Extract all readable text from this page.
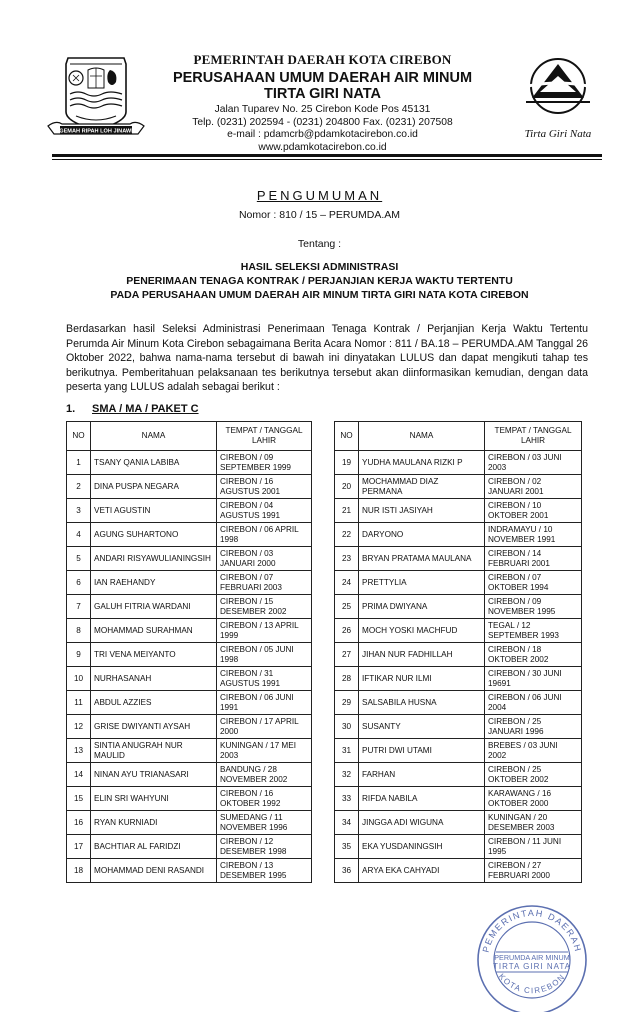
GEMAH RIPAH LOH JINAWI
PEMERINTAH DAERAH KOTA CIREBON
PERUSAHAAN UMUM DAERAH AIR MINUM
TIRTA GIRI NATA
Jalan Tuparev No. 25 Cirebon Kode Pos 45131
Telp. (0231) 202594 - (0231) 204800 Fax. (0231) 207508
e-mail : pdamcrb@pdamkotacirebon.co.id
www.pdamkotacirebon.co.id
Tirta Giri Nata
PENGUMUMAN
Nomor : 810 / 15 – PERUMDA.AM
Tentang :
HASIL SELEKSI ADMINISTRASI
PENERIMAAN TENAGA KONTRAK / PERJANJIAN KERJA WAKTU TERTENTU
PADA PERUSAHAAN UMUM DAERAH AIR MINUM TIRTA GIRI NATA KOTA CIREBON
Berdasarkan hasil Seleksi Administrasi Penerimaan Tenaga Kontrak / Perjanjian Kerja Waktu Tertentu Perumda Air Minum Kota Cirebon sebagaimana Berita Acara Nomor : 811 / BA.18 – PERUMDA.AM Tanggal 26 Oktober 2022, bahwa nama-nama tersebut di bawah ini dinyatakan LULUS dan dapat mengikuti tahap tes berikutnya. Pemberitahuan pelaksanaan tes berikutnya tersebut akan diinformasikan kemudian, dengan data peserta yang LULUS adalah sebagai berikut :
1. SMA / MA / PAKET C
NO	NAMA	TEMPAT / TANGGAL LAHIR
1	TSANY QANIA LABIBA	CIREBON / 09 SEPTEMBER 1999
2	DINA PUSPA NEGARA	CIREBON / 16 AGUSTUS 2001
3	VETI AGUSTIN	CIREBON / 04 AGUSTUS 1991
4	AGUNG SUHARTONO	CIREBON / 06 APRIL 1998
5	ANDARI RISYAWULIANINGSIH	CIREBON / 03 JANUARI 2000
6	IAN RAEHANDY	CIREBON / 07 FEBRUARI 2003
7	GALUH FITRIA WARDANI	CIREBON / 15 DESEMBER 2002
8	MOHAMMAD SURAHMAN	CIREBON / 13 APRIL 1999
9	TRI VENA MEIYANTO	CIREBON / 05 JUNI 1998
10	NURHASANAH	CIREBON / 31 AGUSTUS 1991
11	ABDUL AZZIES	CIREBON / 06 JUNI 1991
12	GRISE DWIYANTI AYSAH	CIREBON / 17 APRIL 2000
13	SINTIA ANUGRAH NUR MAULID	KUNINGAN / 17 MEI 2003
14	NINAN AYU TRIANASARI	BANDUNG / 28 NOVEMBER 2002
15	ELIN SRI WAHYUNI	CIREBON / 16 OKTOBER 1992
16	RYAN KURNIADI	SUMEDANG / 11 NOVEMBER 1996
17	BACHTIAR AL FARIDZI	CIREBON / 12 DESEMBER 1998
18	MOHAMMAD DENI RASANDI	CIREBON / 13 DESEMBER 1995
NO	NAMA	TEMPAT / TANGGAL LAHIR
19	YUDHA MAULANA RIZKI P	CIREBON / 03 JUNI 2003
20	MOCHAMMAD DIAZ PERMANA	CIREBON / 02 JANUARI 2001
21	NUR ISTI JASIYAH	CIREBON / 10 OKTOBER 2001
22	DARYONO	INDRAMAYU / 10 NOVEMBER 1991
23	BRYAN PRATAMA MAULANA	CIREBON / 14 FEBRUARI 2001
24	PRETTYLIA	CIREBON / 07 OKTOBER 1994
25	PRIMA DWIYANA	CIREBON / 09 NOVEMBER 1995
26	MOCH YOSKI MACHFUD	TEGAL / 12 SEPTEMBER 1993
27	JIHAN NUR FADHILLAH	CIREBON / 18 OKTOBER 2002
28	IFTIKAR NUR ILMI	CIREBON / 30 JUNI 19691
29	SALSABILA HUSNA	CIREBON / 06 JUNI 2004
30	SUSANTY	CIREBON / 25 JANUARI 1996
31	PUTRI DWI UTAMI	BREBES / 03 JUNI 2002
32	FARHAN	CIREBON / 25 OKTOBER 2002
33	RIFDA NABILA	KARAWANG / 16 OKTOBER 2000
34	JINGGA ADI WIGUNA	KUNINGAN / 20 DESEMBER 2003
35	EKA YUSDANINGSIH	CIREBON / 11 JUNI 1995
36	ARYA EKA CAHYADI	CIREBON / 27 FEBRUARI 2000
PEMERINTAH DAERAH
KOTA CIREBON
PERUMDA AIR MINUM
TIRTA GIRI NATA
